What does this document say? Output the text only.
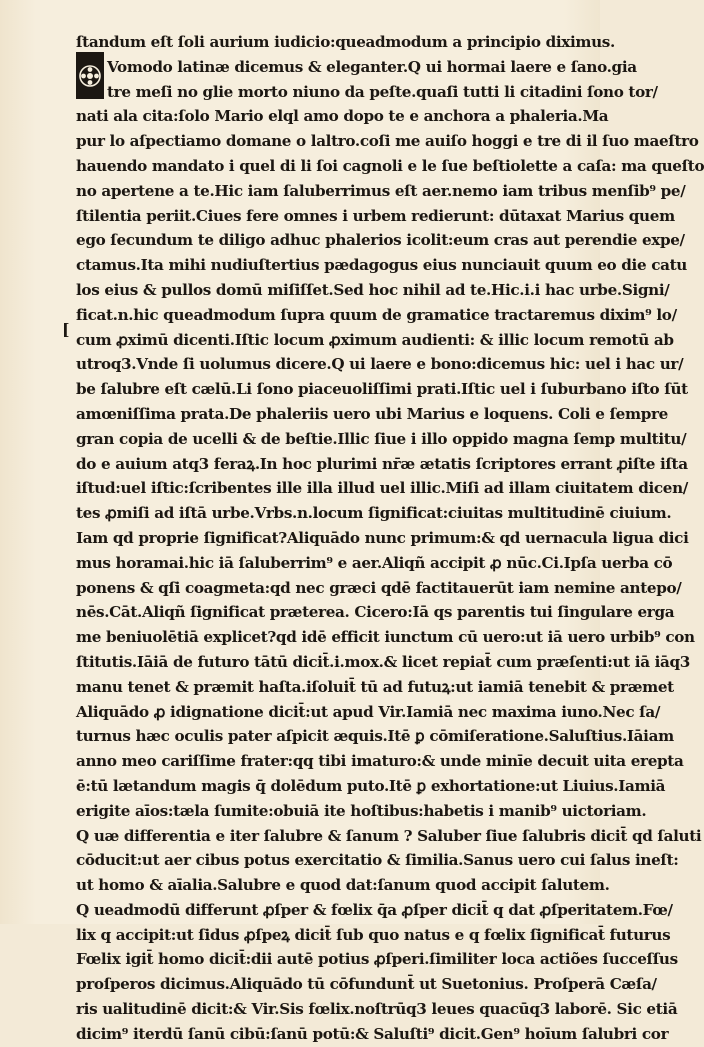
[
ſtandum eſt ſoli aurium iudicio:queadmodum a principio diximus.
Vomodo latinæ dicemus & eleganter.Q ui hormai laere e ſano.gia
tre meſi no glie morto niuno da peſte.quaſi tutti li citadini ſono tor/
nati ala cita:ſolo Mario elql amo dopo te e anchora a phaleria.Ma
pur lo aſpectiamo domane o laltro.coſi me auiſo hoggi e tre di il ſuo maeſtro
hauendo mandato i quel di li ſoi cagnoli e le ſue beſtiolette a caſa: ma queſto
no apertene a te.Hic iam ſaluberrimus eſt aer.nemo iam tribus menſib⁹ pe/
ſtilentia periit.Ciues fere omnes i urbem redierunt: dūtaxat Marius quem
ego ſecundum te diligo adhuc phalerios icolit:eum cras aut perendie expe/
ctamus.Ita mihi nudiuſtertius pædagogus eius nunciauit quum eo die catu
los eius & pullos domū miſiſſet.Sed hoc nihil ad te.Hic.i.i hac urbe.Signi/
ficat.n.hic queadmodum ſupra quum de gramatice tractaremus dixim⁹ lo/
cum ꝓximū dicenti.Iſtic locum ꝓximum audienti: & illic locum remotū ab
utroq3.Vnde ſi uolumus dicere.Q ui laere e bono:dicemus hic: uel i hac ur/
be ſalubre eſt cælū.Li ſono piaceuoliſſimi prati.Iſtic uel i ſuburbano iſto ſūt
amœniſſima prata.De phaleriis uero ubi Marius e loquens. Coli e ſempre
gran copia de ucelli & de beſtie.Illic ſiue i illo oppido magna ſemp multitu/
do e auium atq3 feraꝝ.In hoc plurimi nr̄æ ætatis ſcriptores errant ꝓiſte iſta
iſtud:uel iſtic:ſcribentes ille illa illud uel illic.Miſi ad illam ciuitatem dicen/
tes ꝓmiſi ad iſtā urbe.Vrbs.n.locum ſignificat:ciuitas multitudinē ciuium.
Iam qd proprie ſignificat?Aliquādo nunc primum:& qd uernacula ligua dici
mus horamai.hic iā ſaluberrim⁹ e aer.Aliqñ accipit ꝓ nūc.Ci.Ipſa uerba cō
ponens & qſi coagmeta:qd nec græci qdē factitauerūt iam nemine antepo/
nēs.Cāt.Aliqñ ſignificat præterea. Cicero:Iā qs parentis tui ſingulare erga
me beniuolētiā explicet?qd idē efficit iunctum cū uero:ut iā uero urbib⁹ con
ſtitutis.Iāiā de futuro tātū dicit̄.i.mox.& licet repiat̄ cum præſenti:ut iā iāq3
manu tenet & præmit haſta.iſoluit̄ tū ad futuꝝ:ut iamiā tenebit & præmet
Aliquādo ꝓ idignatione dicit̄:ut apud Vir.Iamiā nec maxima iuno.Nec ſa/
turnus hæc oculis pater aſpicit æquis.Itē ꝑ cōmiſeratione.Saluſtius.Iāiam
anno meo cariſſime frater:qq tibi imaturo:& unde minīe decuit uita erepta
ē:tū lætandum magis q̄ dolēdum puto.Itē ꝑ exhortatione:ut Liuius.Iamiā
erigite aīos:tæla ſumite:obuiā ite hoſtibus:habetis i manib⁹ uictoriam.
Q uæ differentia e iter ſalubre & ſanum ? Saluber ſiue ſalubris dicit̄ qd ſaluti
cōducit:ut aer cibus potus exercitatio & ſimilia.Sanus uero cui ſalus ineſt:
ut homo & aīalia.Salubre e quod dat:ſanum quod accipit ſalutem.
Q ueadmodū differunt ꝓſper & fœlix q̄a ꝓſper dicit̄ q dat ꝓſperitatem.Fœ/
lix q accipit:ut ſidus ꝓſpeꝝ dicit̄ ſub quo natus e q fœlix ſignificat̄ futurus
Fœlix igit̄ homo dicit̄:dii autē potius ꝓſperi.ſimiliter loca actiões ſucceſſus
proſperos dicimus.Aliquādo tū cōfundunt̄ ut Suetonius. Proſperā Cæſa/
ris ualitudinē dicit:& Vir.Sis fœlix.noſtrūq3 leues quacūq3 laborē. Sic etiā
dicim⁹ iterdū ſanū cibū:ſanū potū:& Saluſti⁹ dicit.Gen⁹ hoīum ſalubri cor
